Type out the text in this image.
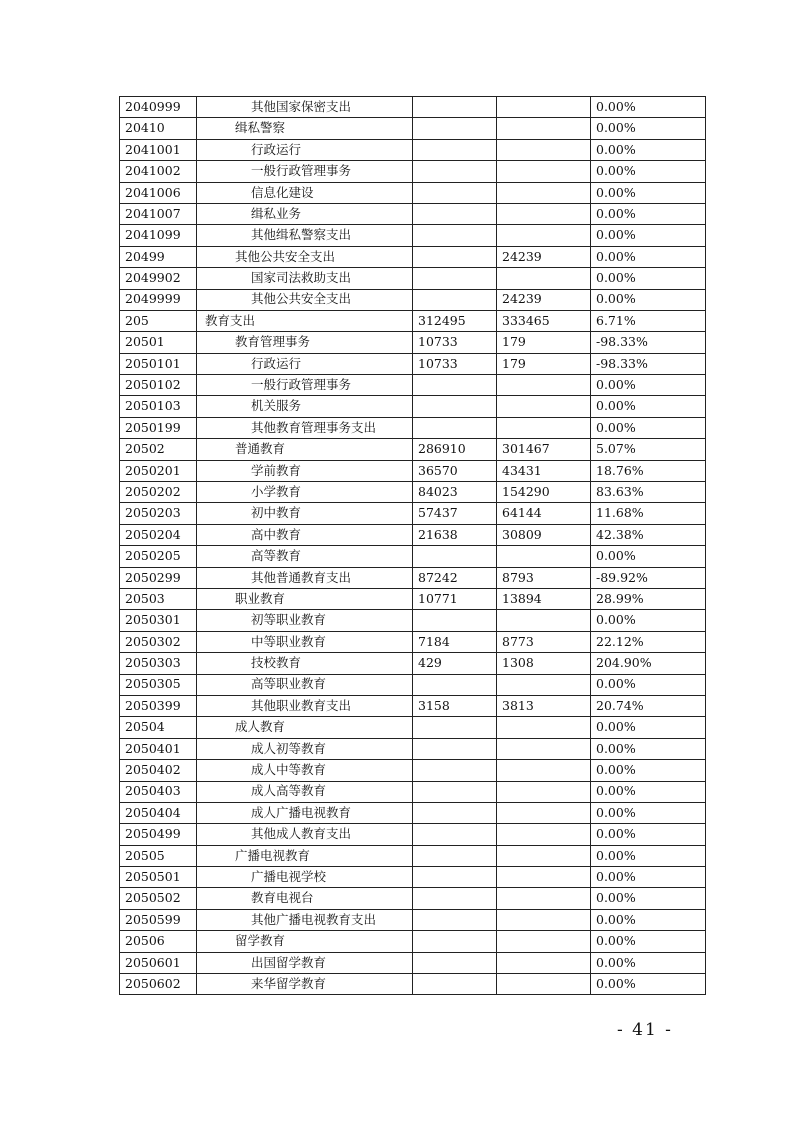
2040999	其他国家保密支出			0.00%
20410	缉私警察			0.00%
2041001	行政运行			0.00%
2041002	一般行政管理事务			0.00%
2041006	信息化建设			0.00%
2041007	缉私业务			0.00%
2041099	其他缉私警察支出			0.00%
20499	其他公共安全支出		24239	0.00%
2049902	国家司法救助支出			0.00%
2049999	其他公共安全支出		24239	0.00%
205	教育支出	312495	333465	6.71%
20501	教育管理事务	10733	179	-98.33%
2050101	行政运行	10733	179	-98.33%
2050102	一般行政管理事务			0.00%
2050103	机关服务			0.00%
2050199	其他教育管理事务支出			0.00%
20502	普通教育	286910	301467	5.07%
2050201	学前教育	36570	43431	18.76%
2050202	小学教育	84023	154290	83.63%
2050203	初中教育	57437	64144	11.68%
2050204	高中教育	21638	30809	42.38%
2050205	高等教育			0.00%
2050299	其他普通教育支出	87242	8793	-89.92%
20503	职业教育	10771	13894	28.99%
2050301	初等职业教育			0.00%
2050302	中等职业教育	7184	8773	22.12%
2050303	技校教育	429	1308	204.90%
2050305	高等职业教育			0.00%
2050399	其他职业教育支出	3158	3813	20.74%
20504	成人教育			0.00%
2050401	成人初等教育			0.00%
2050402	成人中等教育			0.00%
2050403	成人高等教育			0.00%
2050404	成人广播电视教育			0.00%
2050499	其他成人教育支出			0.00%
20505	广播电视教育			0.00%
2050501	广播电视学校			0.00%
2050502	教育电视台			0.00%
2050599	其他广播电视教育支出			0.00%
20506	留学教育			0.00%
2050601	出国留学教育			0.00%
2050602	来华留学教育			0.00%
- 41 -
